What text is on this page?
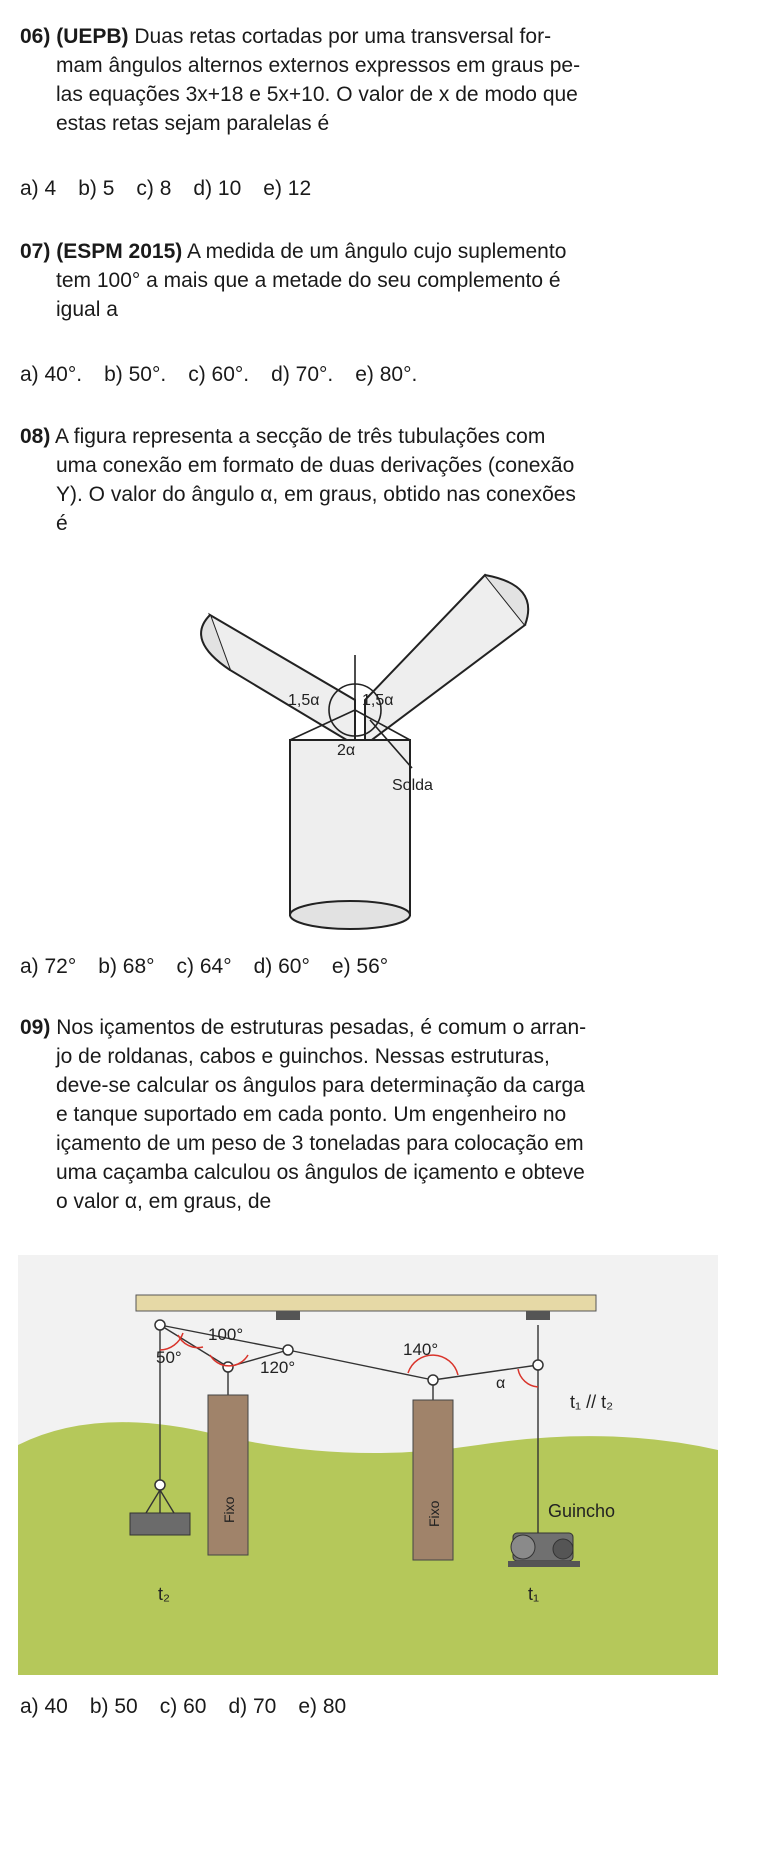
06) (UEPB) Duas retas cortadas por uma transversal for-

mam ângulos alternos externos expressos em graus pe-

las equações 3x+18 e 5x+10. O valor de x de modo que

estas retas sejam paralelas é

a) 4 b) 5 c) 8 d) 10 e) 12

07) (ESPM 2015) A medida de um ângulo cujo suplemento

tem 100° a mais que a metade do seu complemento é

igual a

a) 40°. b) 50°. c) 60°. d) 70°. e) 80°.

08) A figura representa a secção de três tubulações com

uma conexão em formato de duas derivações (conexão

Y). O valor do ângulo α, em graus, obtido nas conexões

é

1,5α	1,5α
2α
Solda
a) 72° b) 68° c) 64° d) 60° e) 56°

09) Nos içamentos de estruturas pesadas, é comum o arran-

jo de roldanas, cabos e guinchos. Nessas estruturas,

deve-se calcular os ângulos para determinação da carga

e tanque suportado em cada ponto. Um engenheiro no

içamento de um peso de 3 toneladas para colocação em

uma caçamba calculou os ângulos de içamento e obteve

o valor α, em graus, de

Fixo	Fixo
100°
50°
120°
140°
α
t₁ // t₂
Guincho
t₂	t₁
a) 40 b) 50 c) 60 d) 70 e) 80
